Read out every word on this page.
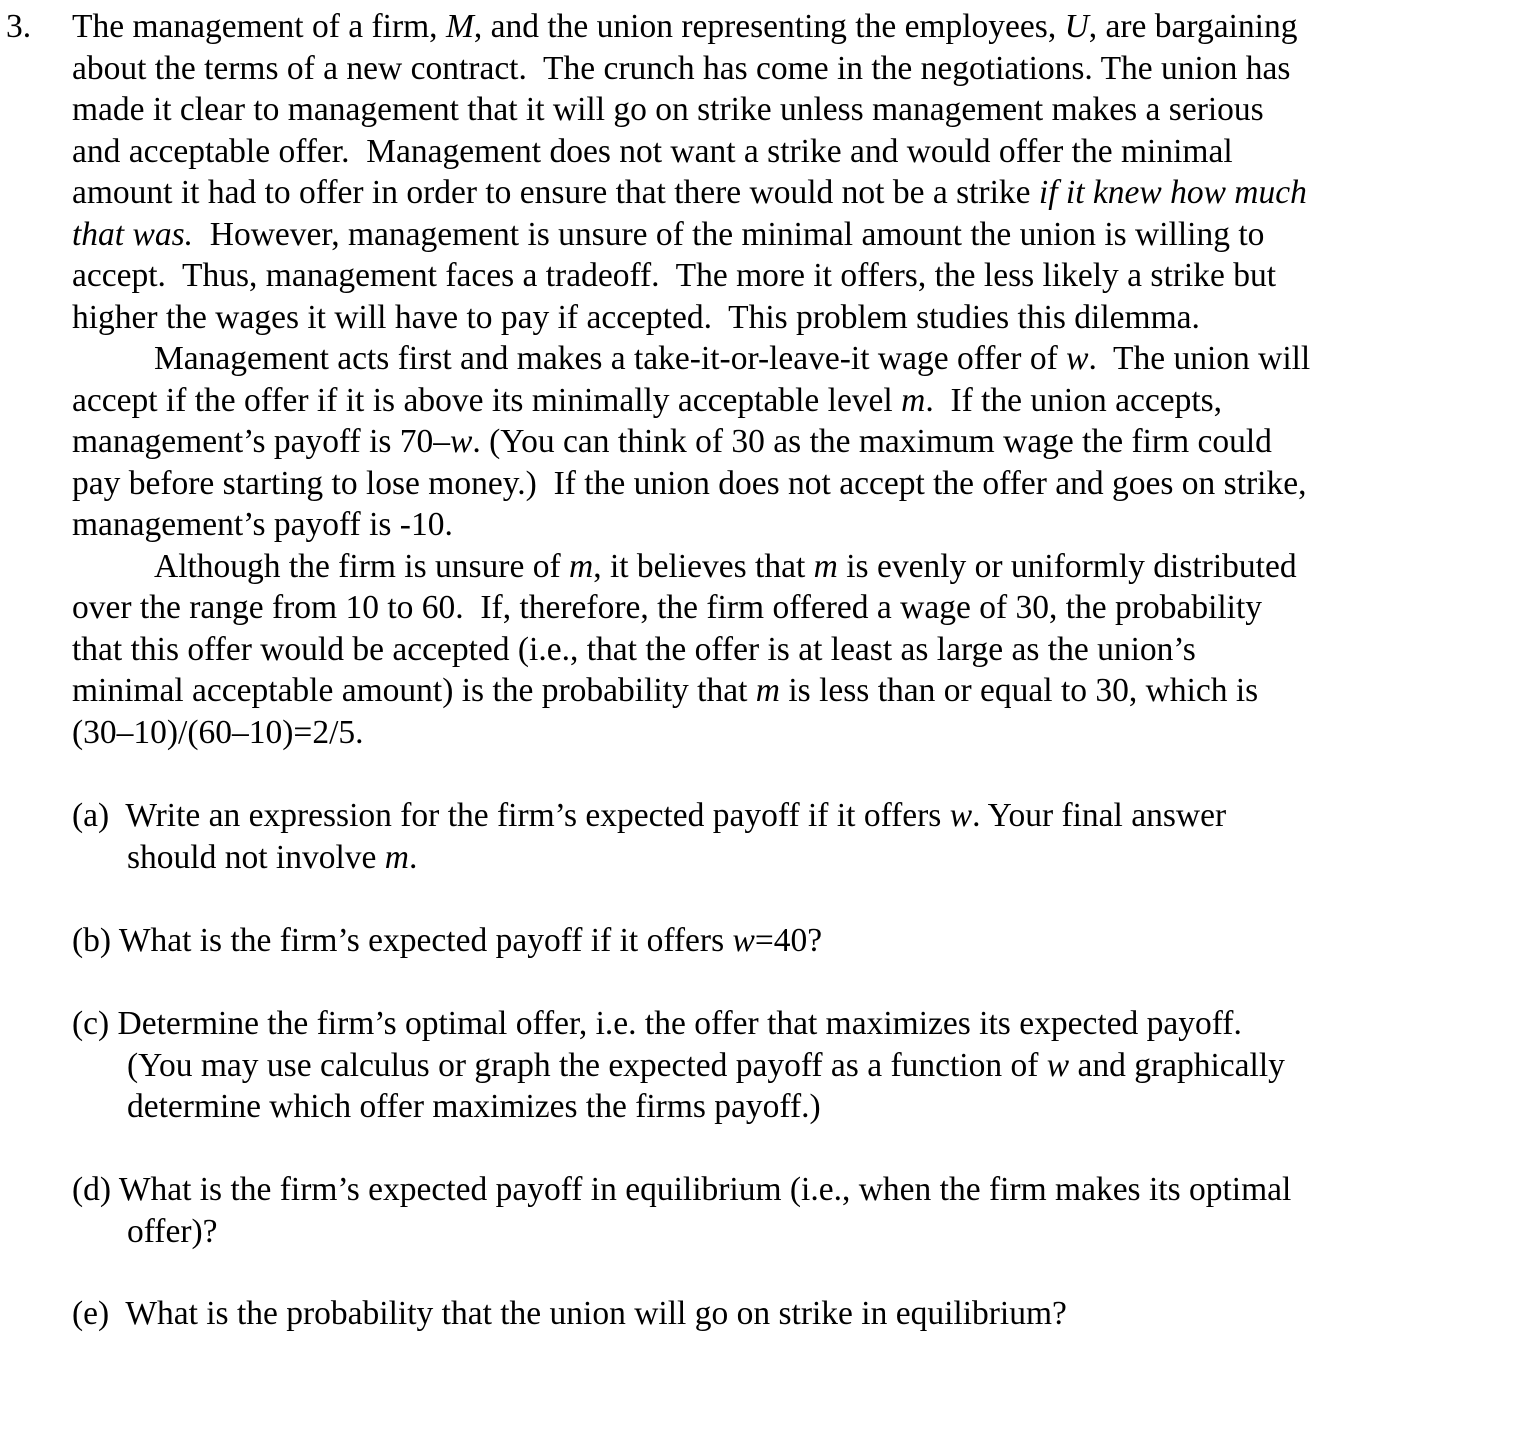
3. The management of a firm, M, and the union representing the employees, U, are bargaining
about the terms of a new contract.  The crunch has come in the negotiations. The union has
made it clear to management that it will go on strike unless management makes a serious
and acceptable offer.  Management does not want a strike and would offer the minimal
amount it had to offer in order to ensure that there would not be a strike if it knew how much
that was.  However, management is unsure of the minimal amount the union is willing to
accept.  Thus, management faces a tradeoff.  The more it offers, the less likely a strike but
higher the wages it will have to pay if accepted.  This problem studies this dilemma.
Management acts first and makes a take-it-or-leave-it wage offer of w.  The union will
accept if the offer if it is above its minimally acceptable level m.  If the union accepts,
management’s payoff is 70–w. (You can think of 30 as the maximum wage the firm could
pay before starting to lose money.)  If the union does not accept the offer and goes on strike,
management’s payoff is -10.
Although the firm is unsure of m, it believes that m is evenly or uniformly distributed
over the range from 10 to 60.  If, therefore, the firm offered a wage of 30, the probability
that this offer would be accepted (i.e., that the offer is at least as large as the union’s
minimal acceptable amount) is the probability that m is less than or equal to 30, which is
(30–10)/(60–10)=2/5.
(a)  Write an expression for the firm’s expected payoff if it offers w. Your final answer
should not involve m.
(b) What is the firm’s expected payoff if it offers w=40?
(c) Determine the firm’s optimal offer, i.e. the offer that maximizes its expected payoff.
(You may use calculus or graph the expected payoff as a function of w and graphically
determine which offer maximizes the firms payoff.)
(d) What is the firm’s expected payoff in equilibrium (i.e., when the firm makes its optimal
offer)?
(e)  What is the probability that the union will go on strike in equilibrium?
